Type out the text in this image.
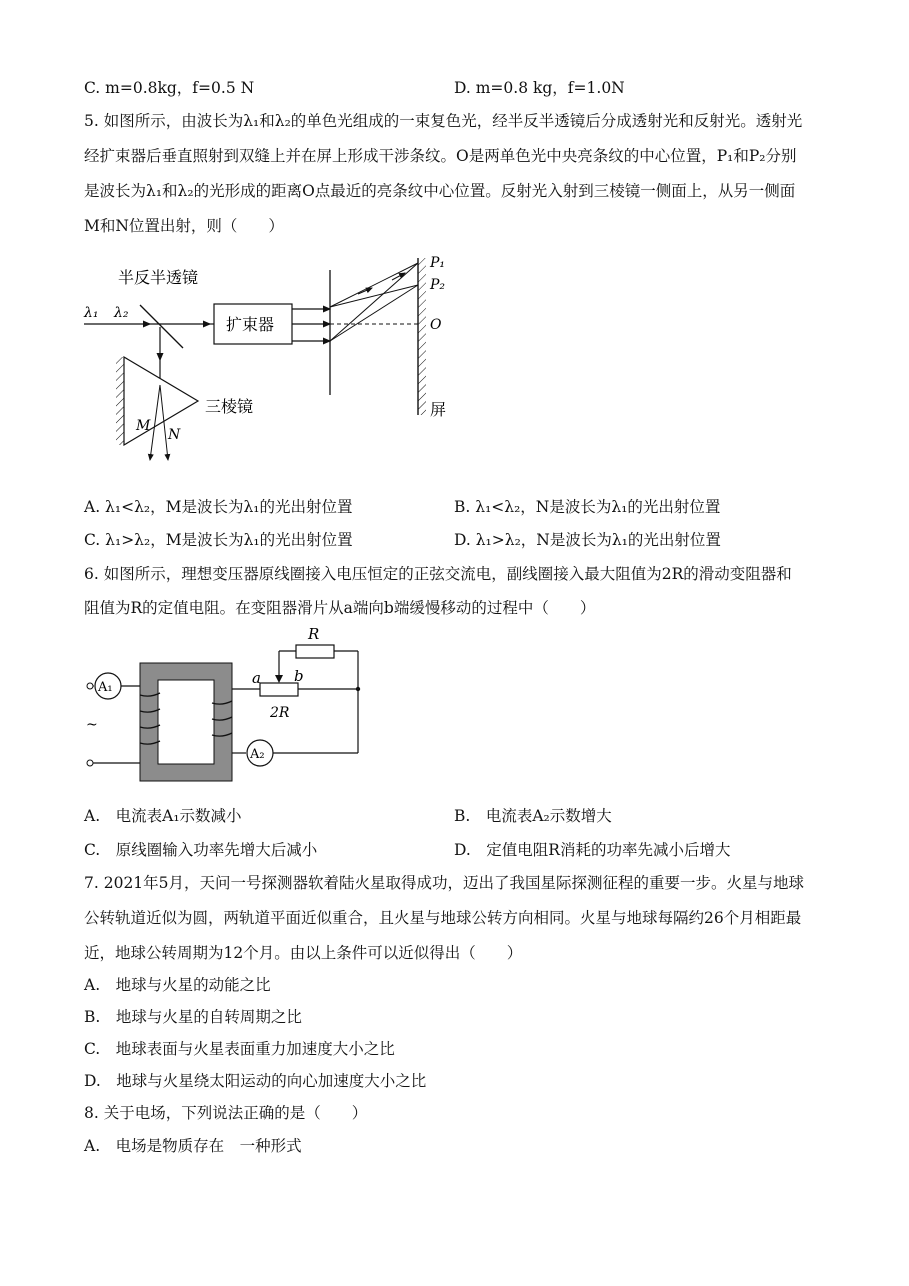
C. m=0.8kg，f=0.5 N	D. m=0.8 kg，f=1.0N
5. 如图所示，由波长为λ₁和λ₂的单色光组成的一束复色光，经半反半透镜后分成透射光和反射光。透射光
经扩束器后垂直照射到双缝上并在屏上形成干涉条纹。O是两单色光中央亮条纹的中心位置，P₁和P₂分别
是波长为λ₁和λ₂的光形成的距离O点最近的亮条纹中心位置。反射光入射到三棱镜一侧面上，从另一侧面
M和N位置出射，则（　　）
半反半透镜
λ₁ λ₂
扩束器
P₁
P₂
O
屏
三棱镜
M
N
A. λ₁<λ₂，M是波长为λ₁的光出射位置	B. λ₁<λ₂，N是波长为λ₁的光出射位置
C. λ₁>λ₂，M是波长为λ₁的光出射位置	D. λ₁>λ₂，N是波长为λ₁的光出射位置
6. 如图所示，理想变压器原线圈接入电压恒定的正弦交流电，副线圈接入最大阻值为2R的滑动变阻器和
阻值为R的定值电阻。在变阻器滑片从a端向b端缓慢移动的过程中（　　）
A₁
~
a b
2R
R
A₂
A.　电流表A₁示数减小	B.　电流表A₂示数增大
C.　原线圈输入功率先增大后减小	D.　定值电阻R消耗的功率先减小后增大
7. 2021年5月，天问一号探测器软着陆火星取得成功，迈出了我国星际探测征程的重要一步。火星与地球
公转轨道近似为圆，两轨道平面近似重合，且火星与地球公转方向相同。火星与地球每隔约26个月相距最
近，地球公转周期为12个月。由以上条件可以近似得出（　　）
A.　地球与火星的动能之比
B.　地球与火星的自转周期之比
C.　地球表面与火星表面重力加速度大小之比
D.　地球与火星绕太阳运动的向心加速度大小之比
8. 关于电场，下列说法正确的是（　　）
A.　电场是物质存在　一种形式
